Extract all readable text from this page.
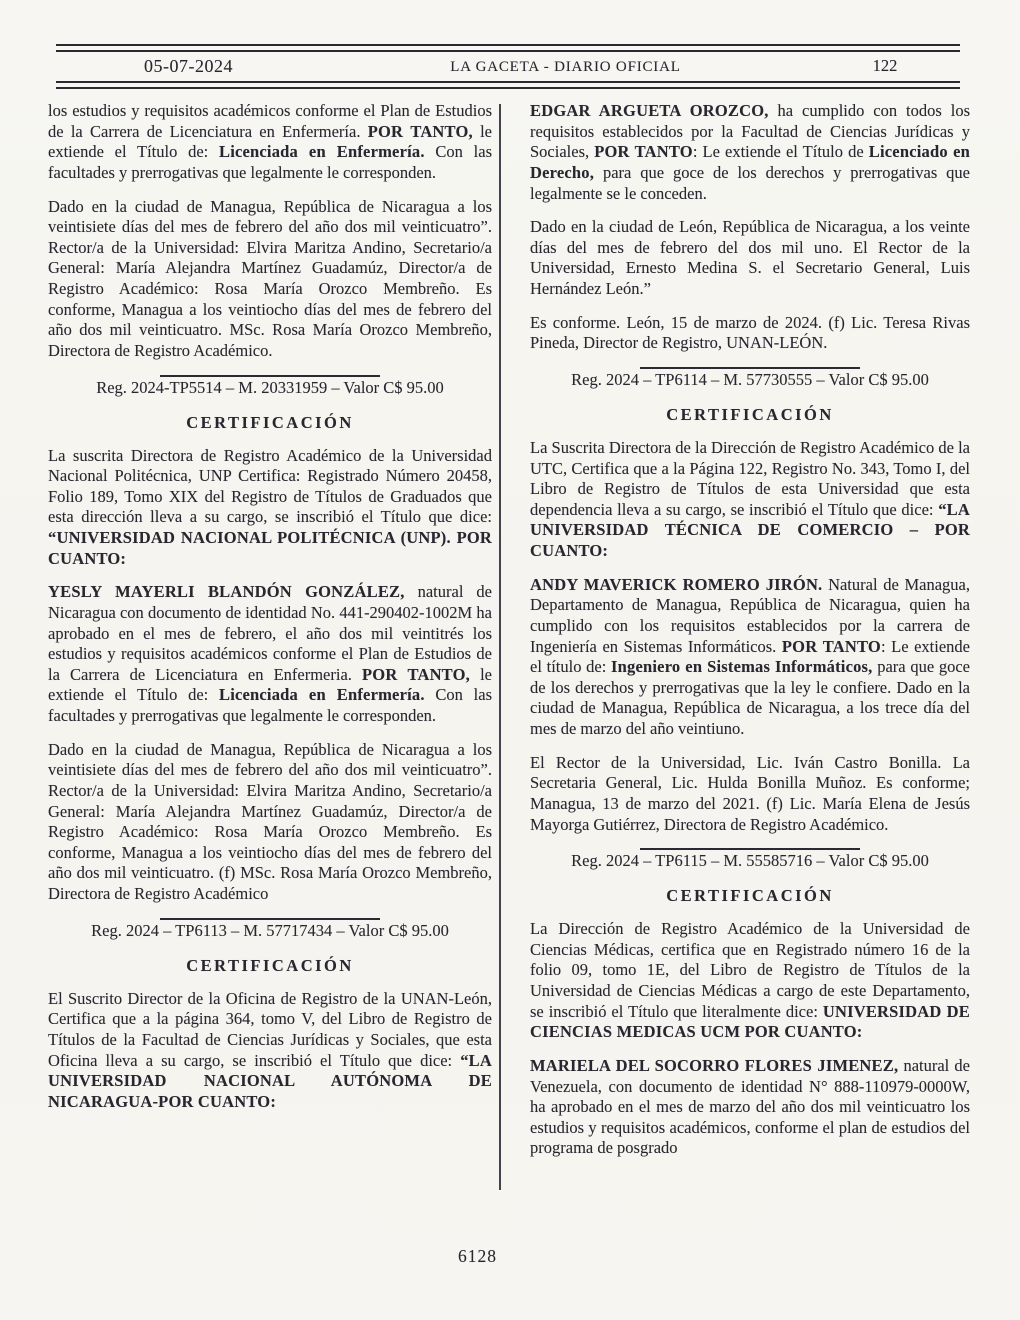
05-07-2024	LA GACETA - DIARIO OFICIAL	122

los estudios y requisitos académicos conforme el Plan de Estudios de la Carrera de Licenciatura en Enfermería. POR TANTO, le extiende el Título de: Licenciada en Enfermería. Con las facultades y prerrogativas que legalmente le corresponden.

Dado en la ciudad de Managua, República de Nicaragua a los veintisiete días del mes de febrero del año dos mil veinticuatro”. Rector/a de la Universidad: Elvira Maritza Andino, Secretario/a General: María Alejandra Martínez Guadamúz, Director/a de Registro Académico: Rosa María Orozco Membreño. Es conforme, Managua a los veintiocho días del mes de febrero del año dos mil veinticuatro. MSc. Rosa María Orozco Membreño, Directora de Registro Académico.

Reg. 2024-TP5514 – M. 20331959 – Valor C$ 95.00
CERTIFICACIÓN

La suscrita Directora de Registro Académico de la Universidad Nacional Politécnica, UNP Certifica: Registrado Número 20458, Folio 189, Tomo XIX del Registro de Títulos de Graduados que esta dirección lleva a su cargo, se inscribió el Título que dice: “UNIVERSIDAD NACIONAL POLITÉCNICA (UNP). POR CUANTO:

YESLY MAYERLI BLANDÓN GONZÁLEZ, natural de Nicaragua con documento de identidad No. 441-290402-1002M ha aprobado en el mes de febrero, el año dos mil veintitrés los estudios y requisitos académicos conforme el Plan de Estudios de la Carrera de Licenciatura en Enfermeria. POR TANTO, le extiende el Título de: Licenciada en Enfermería. Con las facultades y prerrogativas que legalmente le corresponden.

Dado en la ciudad de Managua, República de Nicaragua a los veintisiete días del mes de febrero del año dos mil veinticuatro”. Rector/a de la Universidad: Elvira Maritza Andino, Secretario/a General: María Alejandra Martínez Guadamúz, Director/a de Registro Académico: Rosa María Orozco Membreño. Es conforme, Managua a los veintiocho días del mes de febrero del año dos mil veinticuatro. (f) MSc. Rosa María Orozco Membreño, Directora de Registro Académico

Reg. 2024 – TP6113 – M. 57717434 – Valor C$ 95.00
CERTIFICACIÓN

El Suscrito Director de la Oficina de Registro de la UNAN-León, Certifica que a la página 364, tomo V, del Libro de Registro de Títulos de la Facultad de Ciencias Jurídicas y Sociales, que esta Oficina lleva a su cargo, se inscribió el Título que dice: “LA UNIVERSIDAD NACIONAL AUTÓNOMA DE NICARAGUA-POR CUANTO:

EDGAR ARGUETA OROZCO, ha cumplido con todos los requisitos establecidos por la Facultad de Ciencias Jurídicas y Sociales, POR TANTO: Le extiende el Título de Licenciado en Derecho, para que goce de los derechos y prerrogativas que legalmente se le conceden.

Dado en la ciudad de León, República de Nicaragua, a los veinte días del mes de febrero del dos mil uno. El Rector de la Universidad, Ernesto Medina S. el Secretario General, Luis Hernández León.”

Es conforme. León, 15 de marzo de 2024. (f) Lic. Teresa Rivas Pineda, Director de Registro, UNAN-LEÓN.

Reg. 2024 – TP6114 – M. 57730555 – Valor C$ 95.00
CERTIFICACIÓN

La Suscrita Directora de la Dirección de Registro Académico de la UTC, Certifica que a la Página 122, Registro No. 343, Tomo I, del Libro de Registro de Títulos de esta Universidad que esta dependencia lleva a su cargo, se inscribió el Título que dice: “LA UNIVERSIDAD TÉCNICA DE COMERCIO – POR CUANTO:

ANDY MAVERICK ROMERO JIRÓN. Natural de Managua, Departamento de Managua, República de Nicaragua, quien ha cumplido con los requisitos establecidos por la carrera de Ingeniería en Sistemas Informáticos. POR TANTO: Le extiende el título de: Ingeniero en Sistemas Informáticos, para que goce de los derechos y prerrogativas que la ley le confiere. Dado en la ciudad de Managua, República de Nicaragua, a los trece día del mes de marzo del año veintiuno.

El Rector de la Universidad, Lic. Iván Castro Bonilla. La Secretaria General, Lic. Hulda Bonilla Muñoz. Es conforme; Managua, 13 de marzo del 2021. (f) Lic. María Elena de Jesús Mayorga Gutiérrez, Directora de Registro Académico.

Reg. 2024 – TP6115 – M. 55585716 – Valor C$ 95.00
CERTIFICACIÓN

La Dirección de Registro Académico de la Universidad de Ciencias Médicas, certifica que en Registrado número 16 de la folio 09, tomo 1E, del Libro de Registro de Títulos de la Universidad de Ciencias Médicas a cargo de este Departamento, se inscribió el Título que literalmente dice: UNIVERSIDAD DE CIENCIAS MEDICAS UCM POR CUANTO:

MARIELA DEL SOCORRO FLORES JIMENEZ, natural de Venezuela, con documento de identidad N° 888-110979-0000W, ha aprobado en el mes de marzo del año dos mil veinticuatro los estudios y requisitos académicos, conforme el plan de estudios del programa de posgrado

6128
